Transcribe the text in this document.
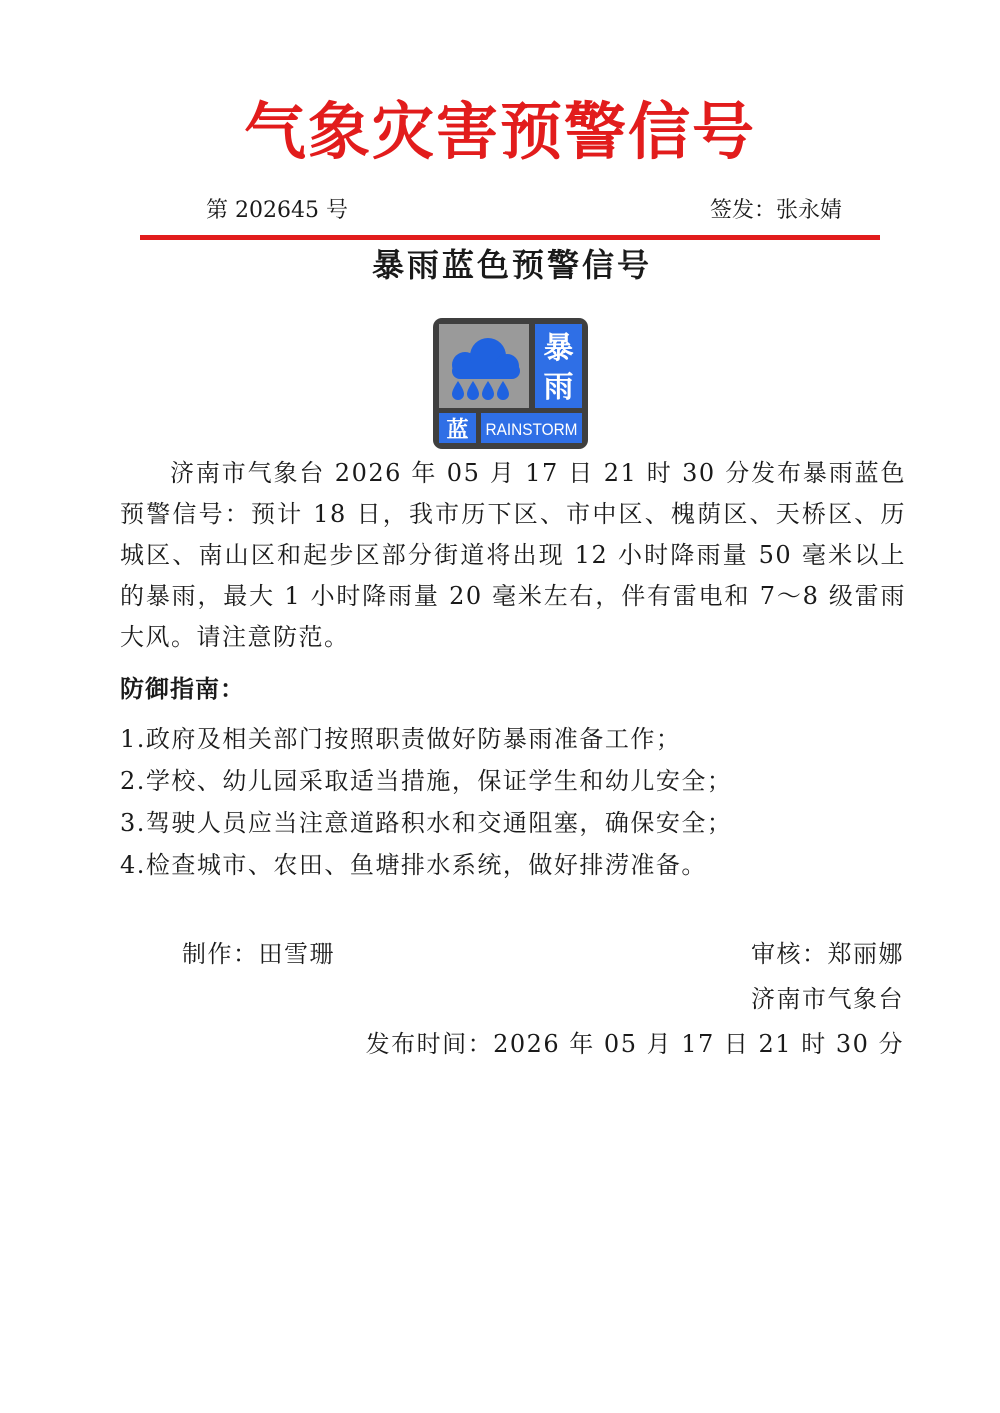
气象灾害预警信号
第 202645 号	签发：张永婧
暴雨蓝色预警信号
暴
雨
蓝 RAINSTORM
济南市气象台 2026 年 05 月 17 日 21 时 30 分发布暴雨蓝色预警信号：预计 18 日，我市历下区、市中区、槐荫区、天桥区、历城区、南山区和起步区部分街道将出现 12 小时降雨量 50 毫米以上的暴雨，最大 1 小时降雨量 20 毫米左右，伴有雷电和 7～8 级雷雨大风。请注意防范。
防御指南：
1.政府及相关部门按照职责做好防暴雨准备工作；
2.学校、幼儿园采取适当措施，保证学生和幼儿安全；
3.驾驶人员应当注意道路积水和交通阻塞，确保安全；
4.检查城市、农田、鱼塘排水系统，做好排涝准备。
制作：田雪珊	审核：郑丽娜
济南市气象台
发布时间：2026 年 05 月 17 日 21 时 30 分
